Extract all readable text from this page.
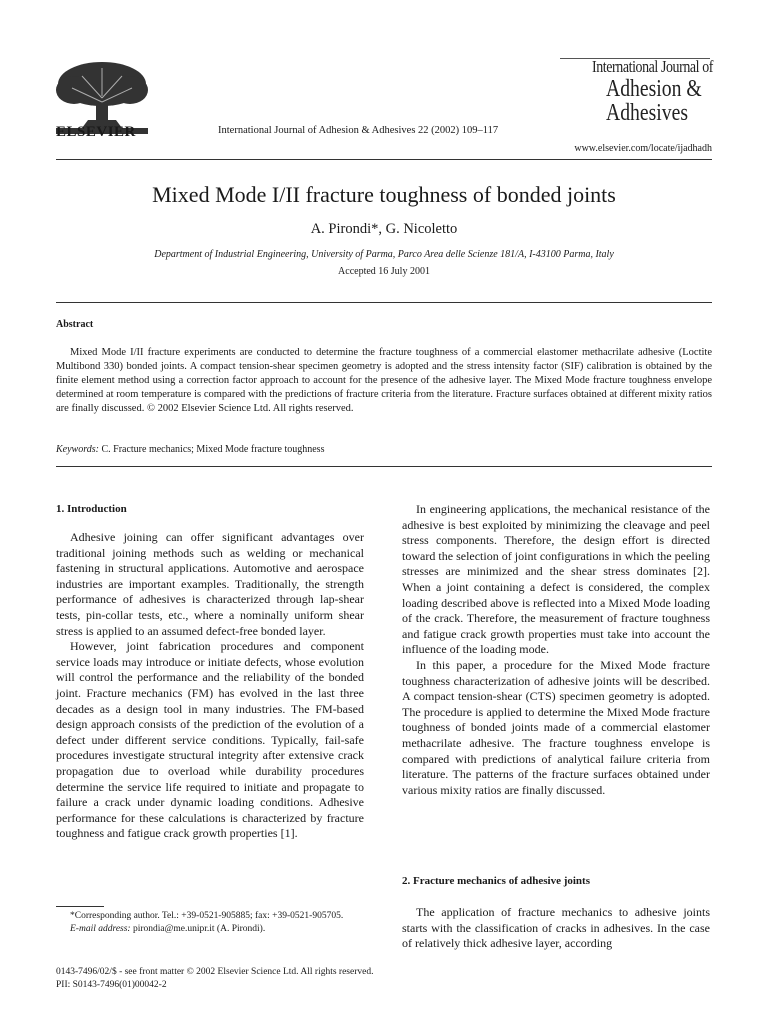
ELSEVIER	International Journal of Adhesion & Adhesives 22 (2002) 109–117
International Journal of
Adhesion &
Adhesives
www.elsevier.com/locate/ijadhadh
Mixed Mode I/II fracture toughness of bonded joints
A. Pirondi*, G. Nicoletto
Department of Industrial Engineering, University of Parma, Parco Area delle Scienze 181/A, I-43100 Parma, Italy
Accepted 16 July 2001
Abstract
Mixed Mode I/II fracture experiments are conducted to determine the fracture toughness of a commercial elastomer methacrilate adhesive (Loctite Multibond 330) bonded joints. A compact tension-shear specimen geometry is adopted and the stress intensity factor (SIF) calibration is obtained by the finite element method using a correction factor approach to account for the presence of the adhesive layer. The Mixed Mode fracture toughness envelope determined at room temperature is compared with the predictions of fracture criteria from the literature. Fracture surfaces obtained at different mixity ratios are finally discussed. © 2002 Elsevier Science Ltd. All rights reserved.
Keywords: C. Fracture mechanics; Mixed Mode fracture toughness
1. Introduction

Adhesive joining can offer significant advantages over traditional joining methods such as welding or mechanical fastening in structural applications. Automotive and aerospace industries are important examples. Traditionally, the strength performance of adhesives is characterized through lap-shear tests, pin-collar tests, etc., where a nominally uniform shear stress is applied to an assumed defect-free bonded layer.

However, joint fabrication procedures and component service loads may introduce or initiate defects, whose evolution will control the performance and the reliability of the bonded joint. Fracture mechanics (FM) has evolved in the last three decades as a design tool in many industries. The FM-based design approach consists of the prediction of the evolution of a defect under different service conditions. Typically, fail-safe procedures investigate structural integrity after extensive crack propagation due to overload while durability procedures determine the service life required to initiate and propagate to failure a crack under dynamic loading conditions. Adhesive performance for these calculations is characterized by fracture toughness and fatigue crack growth properties [1].

In engineering applications, the mechanical resistance of the adhesive is best exploited by minimizing the cleavage and peel stress components. Therefore, the design effort is directed toward the selection of joint configurations in which the peeling stresses are minimized and the shear stress dominates [2]. When a joint containing a defect is considered, the complex loading described above is reflected into a Mixed Mode loading of the crack. Therefore, the measurement of fracture toughness and fatigue crack growth properties must take into account the influence of the loading mode.

In this paper, a procedure for the Mixed Mode fracture toughness characterization of adhesive joints will be described. A compact tension-shear (CTS) specimen geometry is adopted. The procedure is applied to determine the Mixed Mode fracture toughness of bonded joints made of a commercial elastomer methacrilate adhesive. The fracture toughness envelope is compared with predictions of analytical failure criteria from literature. The patterns of the fracture surfaces obtained under various mixity ratios are finally discussed.

2. Fracture mechanics of adhesive joints

The application of fracture mechanics to adhesive joints starts with the classification of cracks in adhesives. In the case of relatively thick adhesive layer, according

*Corresponding author. Tel.: +39-0521-905885; fax: +39-0521-905705.

E-mail address: pirondia@me.unipr.it (A. Pirondi).

0143-7496/02/$ - see front matter © 2002 Elsevier Science Ltd. All rights reserved.
PII: S0143-7496(01)00042-2
